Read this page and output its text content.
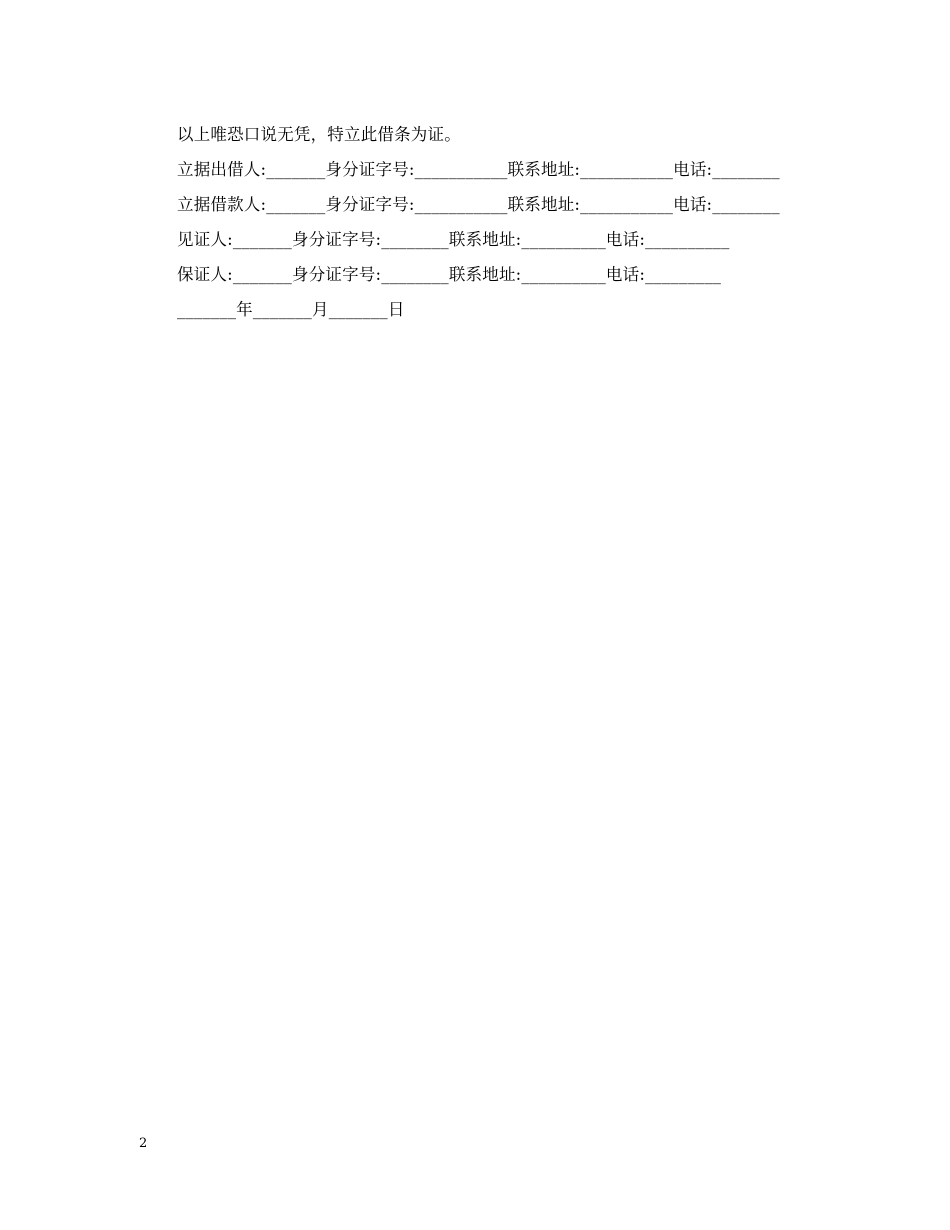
以上唯恐口说无凭，特立此借条为证。

立据出借人:_______身分证字号:___________联系地址:___________电话:________

立据借款人:_______身分证字号:___________联系地址:___________电话:________

见证人:_______身分证字号:________联系地址:__________电话:__________

保证人:_______身分证字号:________联系地址:__________电话:_________

_______年_______月_______日

2
